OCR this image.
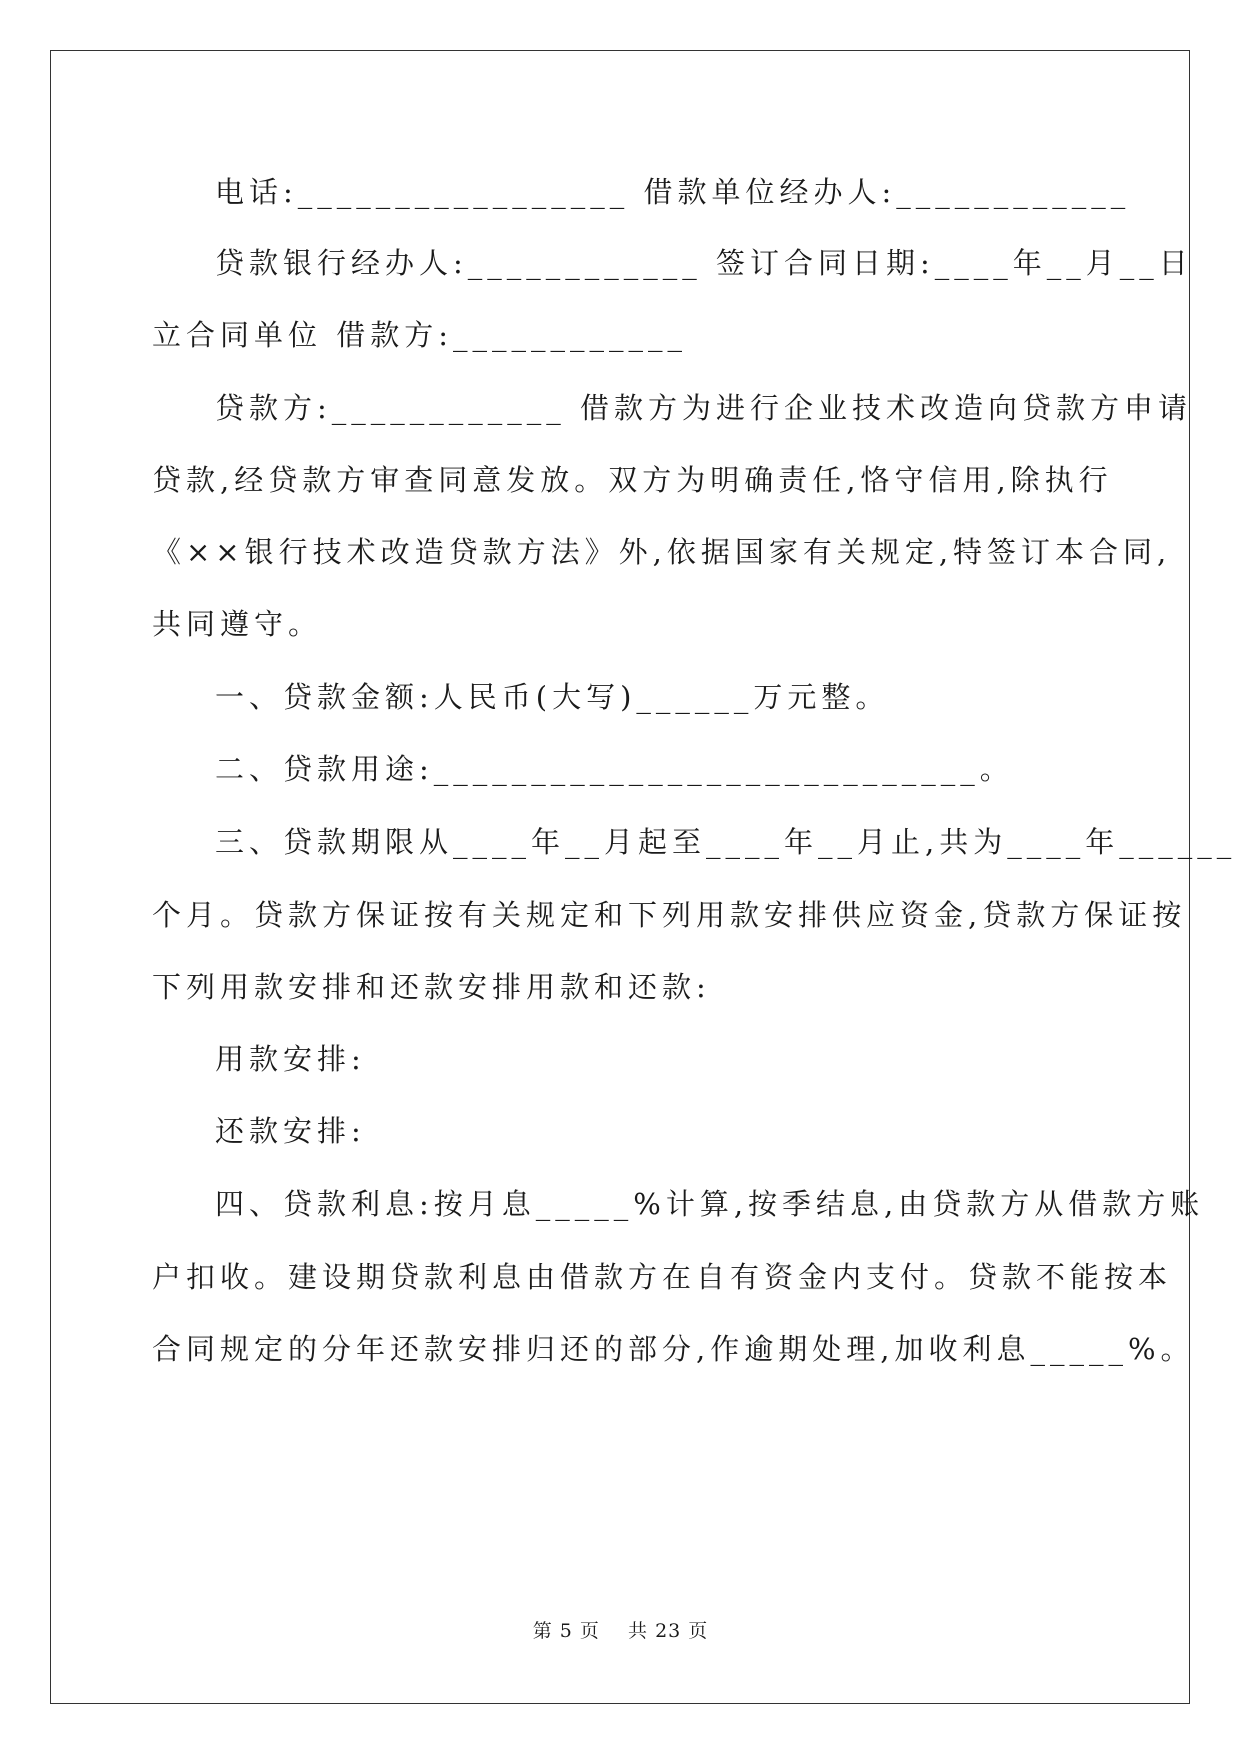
电话:_________________ 借款单位经办人:____________
贷款银行经办人:____________ 签订合同日期:____年__月__日
立合同单位 借款方:____________
贷款方:____________ 借款方为进行企业技术改造向贷款方申请
贷款,经贷款方审查同意发放。双方为明确责任,恪守信用,除执行
《××银行技术改造贷款方法》外,依据国家有关规定,特签订本合同,
共同遵守。
一、贷款金额:人民币(大写)______万元整。
二、贷款用途:____________________________。
三、贷款期限从____年__月起至____年__月止,共为____年______
个月。贷款方保证按有关规定和下列用款安排供应资金,贷款方保证按
下列用款安排和还款安排用款和还款:
用款安排:
还款安排:
四、贷款利息:按月息_____%计算,按季结息,由贷款方从借款方账
户扣收。建设期贷款利息由借款方在自有资金内支付。贷款不能按本
合同规定的分年还款安排归还的部分,作逾期处理,加收利息_____%。
第 5 页    共 23 页
